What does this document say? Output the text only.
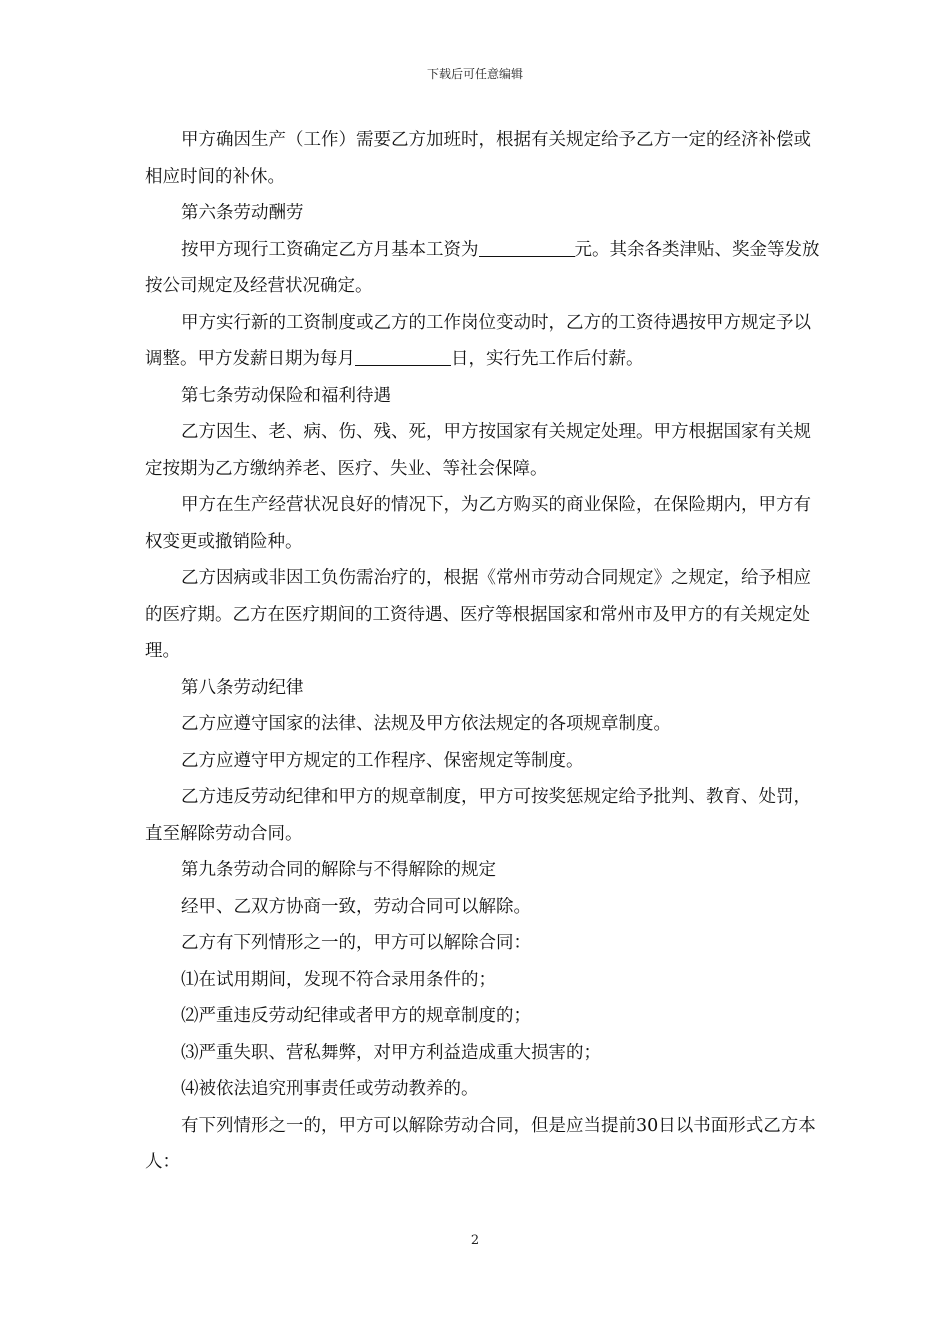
下载后可任意编辑

甲方确因生产（工作）需要乙方加班时，根据有关规定给予乙方一定的经济补偿或相应时间的补休。

第六条劳动酬劳

按甲方现行工资确定乙方月基本工资为	元。其余各类津贴、奖金等发放按公司规定及经营状况确定。

甲方实行新的工资制度或乙方的工作岗位变动时，乙方的工资待遇按甲方规定予以调整。甲方发薪日期为每月	日，实行先工作后付薪。

第七条劳动保险和福利待遇

乙方因生、老、病、伤、残、死，甲方按国家有关规定处理。甲方根据国家有关规定按期为乙方缴纳养老、医疗、失业、等社会保障。

甲方在生产经营状况良好的情况下，为乙方购买的商业保险，在保险期内，甲方有权变更或撤销险种。

乙方因病或非因工负伤需治疗的，根据《常州市劳动合同规定》之规定，给予相应的医疗期。乙方在医疗期间的工资待遇、医疗等根据国家和常州市及甲方的有关规定处理。

第八条劳动纪律

乙方应遵守国家的法律、法规及甲方依法规定的各项规章制度。

乙方应遵守甲方规定的工作程序、保密规定等制度。

乙方违反劳动纪律和甲方的规章制度，甲方可按奖惩规定给予批判、教育、处罚，直至解除劳动合同。

第九条劳动合同的解除与不得解除的规定

经甲、乙双方协商一致，劳动合同可以解除。

乙方有下列情形之一的，甲方可以解除合同：

⑴在试用期间，发现不符合录用条件的；

⑵严重违反劳动纪律或者甲方的规章制度的；

⑶严重失职、营私舞弊，对甲方利益造成重大损害的；

⑷被依法追究刑事责任或劳动教养的。

有下列情形之一的，甲方可以解除劳动合同，但是应当提前30日以书面形式乙方本人：

2
